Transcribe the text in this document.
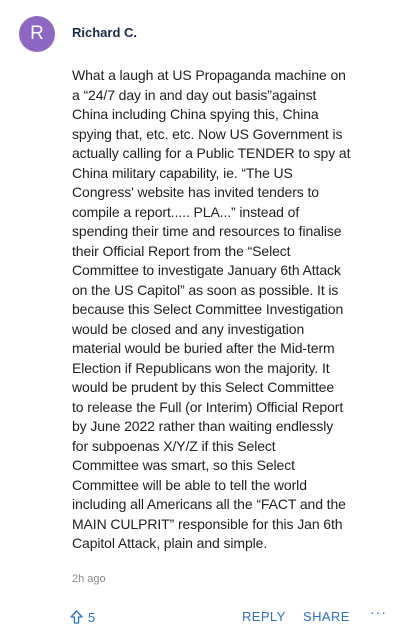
R	Richard C.
What a laugh at US Propaganda machine on
a “24/7 day in and day out basis”against
China including China spying this, China
spying that, etc. etc. Now US Government is
actually calling for a Public TENDER to spy at
China military capability, ie. “The US
Congress' website has invited tenders to
compile a report..... PLA...” instead of
spending their time and resources to finalise
their Official Report from the “Select
Committee to investigate January 6th Attack
on the US Capitol” as soon as possible. It is
because this Select Committee Investigation
would be closed and any investigation
material would be buried after the Mid-term
Election if Republicans won the majority. It
would be prudent by this Select Committee
to release the Full (or Interim) Official Report
by June 2022 rather than waiting endlessly
for subpoenas X/Y/Z if this Select
Committee was smart, so this Select
Committee will be able to tell the world
including all Americans all the “FACT and the
MAIN CULPRIT” responsible for this Jan 6th
Capitol Attack, plain and simple.
2h ago
5	REPLY SHARE ···
